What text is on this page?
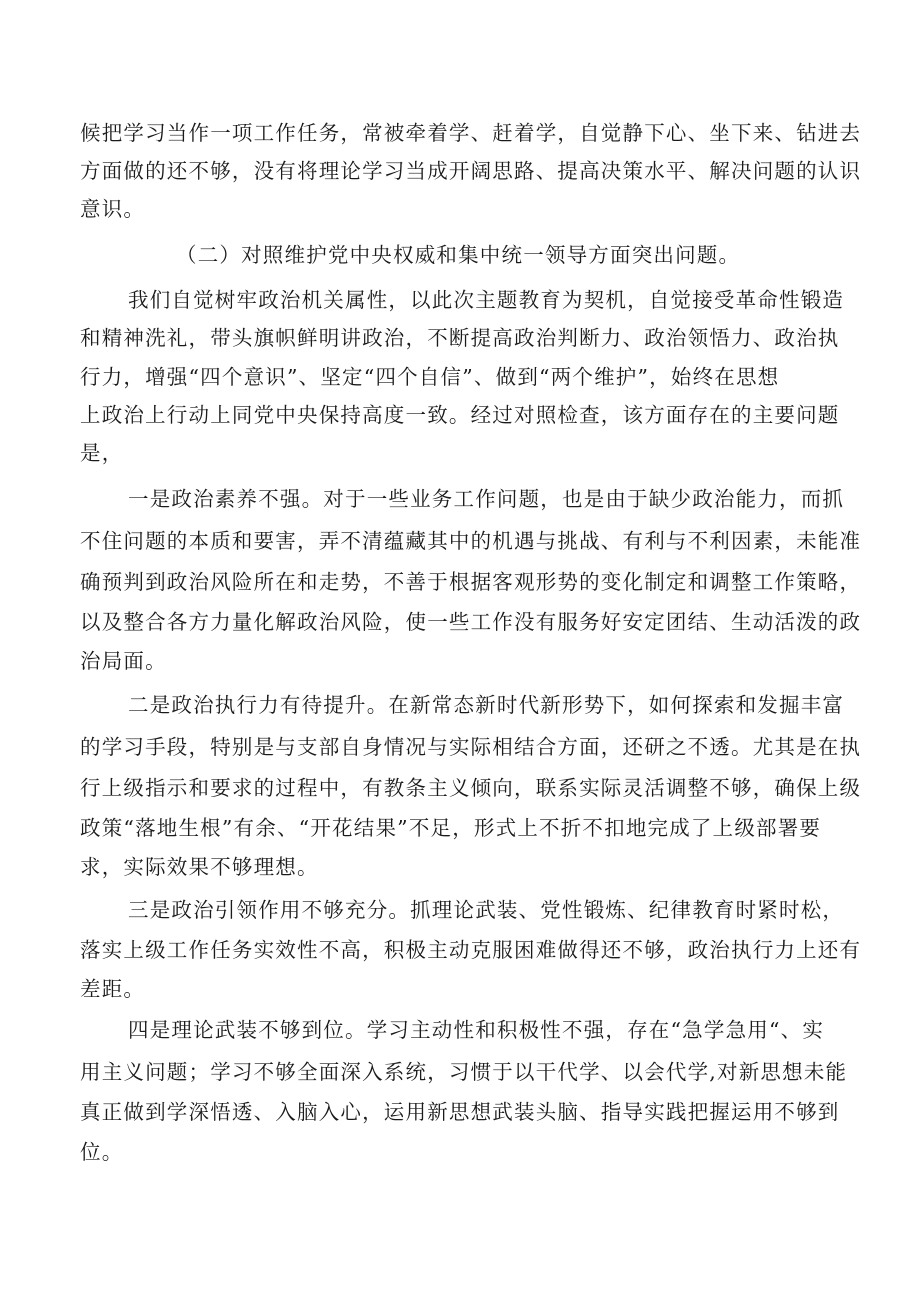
候把学习当作一项工作任务，常被牵着学、赶着学，自觉静下心、坐下来、钻进去
方面做的还不够，没有将理论学习当成开阔思路、提高决策水平、解决问题的认识
意识。
（二）对照维护党中央权威和集中统一领导方面突出问题。
我们自觉树牢政治机关属性，以此次主题教育为契机，自觉接受革命性锻造
和精神洗礼，带头旗帜鲜明讲政治，不断提高政治判断力、政治领悟力、政治执
行力，增强“四个意识”、坚定“四个自信”、做到“两个维护”，始终在思想
上政治上行动上同党中央保持高度一致。经过对照检查，该方面存在的主要问题
是，
一是政治素养不强。对于一些业务工作问题，也是由于缺少政治能力，而抓
不住问题的本质和要害，弄不清蕴藏其中的机遇与挑战、有利与不利因素，未能准
确预判到政治风险所在和走势，不善于根据客观形势的变化制定和调整工作策略，
以及整合各方力量化解政治风险，使一些工作没有服务好安定团结、生动活泼的政
治局面。
二是政治执行力有待提升。在新常态新时代新形势下，如何探索和发掘丰富
的学习手段，特别是与支部自身情况与实际相结合方面，还研之不透。尤其是在执
行上级指示和要求的过程中，有教条主义倾向，联系实际灵活调整不够，确保上级
政策“落地生根”有余、“开花结果”不足，形式上不折不扣地完成了上级部署要
求，实际效果不够理想。
三是政治引领作用不够充分。抓理论武装、党性锻炼、纪律教育时紧时松，
落实上级工作任务实效性不高，积极主动克服困难做得还不够，政治执行力上还有
差距。
四是理论武装不够到位。学习主动性和积极性不强，存在“急学急用“、实
用主义问题；学习不够全面深入系统，习惯于以干代学、以会代学,对新思想未能
真正做到学深悟透、入脑入心，运用新思想武装头脑、指导实践把握运用不够到
位。
